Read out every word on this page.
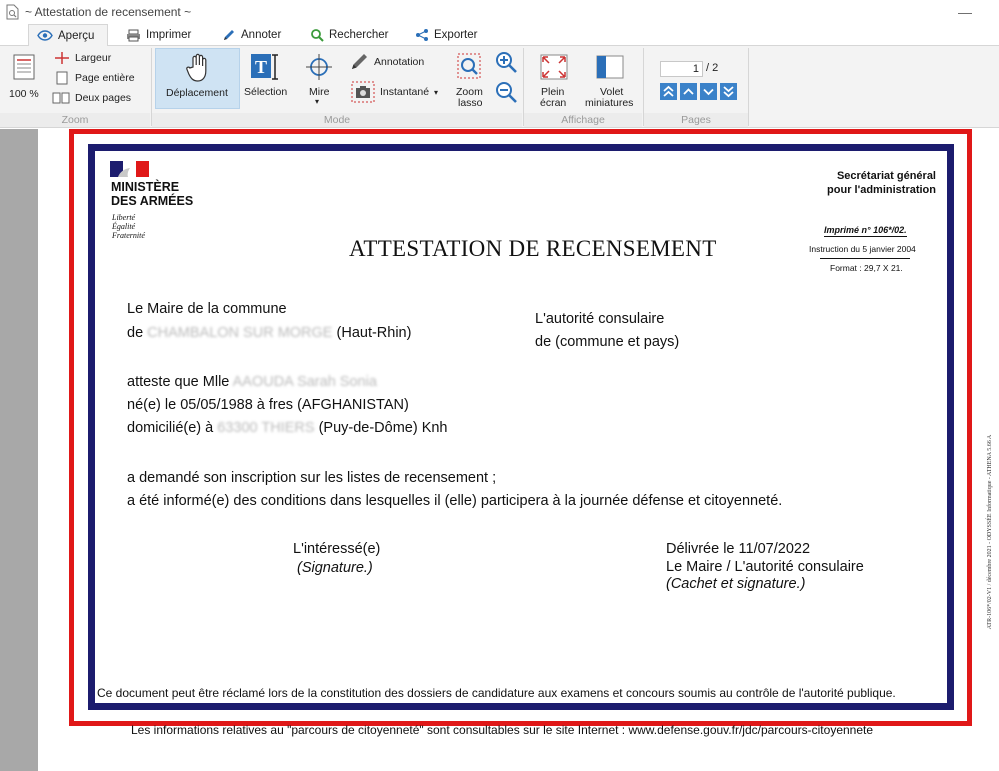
~ Attestation de recensement ~	—
Aperçu	Imprimer	Annoter	Rechercher	Exporter
100 %
Largeur
Page entière
Deux pages
Zoom
Déplacement
T
Sélection Mire
▾
Annotation
Instantané ▾ Zoom
lasso
Mode
Plein
écran
Volet
miniatures
Affichage
1 / 2
Pages
MINISTÈRE
DES ARMÉES
Liberté
Égalité
Fraternité
Secrétariat général
pour l'administration
Imprimé n° 106*/02.
Instruction du 5 janvier 2004
Format : 29,7 X 21.
ATTESTATION DE RECENSEMENT
Le Maire de la commune
de CHAMBALON SUR MORGE (Haut-Rhin)
L'autorité consulaire
de (commune et pays)
atteste que Mlle AAOUDA Sarah Sonia
né(e) le 05/05/1988 à fres (AFGHANISTAN)
domicilié(e) à 63300 THIERS (Puy-de-Dôme) Knh
a demandé son inscription sur les listes de recensement ;
a été informé(e) des conditions dans lesquelles il (elle) participera à la journée défense et citoyenneté.
L'intéressé(e)
(Signature.)
Délivrée le 11/07/2022
Le Maire / L'autorité consulaire
(Cachet et signature.)	ATR-106*/02-V1 / décembre 2021 - ODYSSÉE Informatique - ATHENA 5.66 A
Ce document peut être réclamé lors de la constitution des dossiers de candidature aux examens et concours soumis au contrôle de l'autorité publique.
Les informations relatives au "parcours de citoyenneté" sont consultables sur le site Internet : www.defense.gouv.fr/jdc/parcours-citoyennete
